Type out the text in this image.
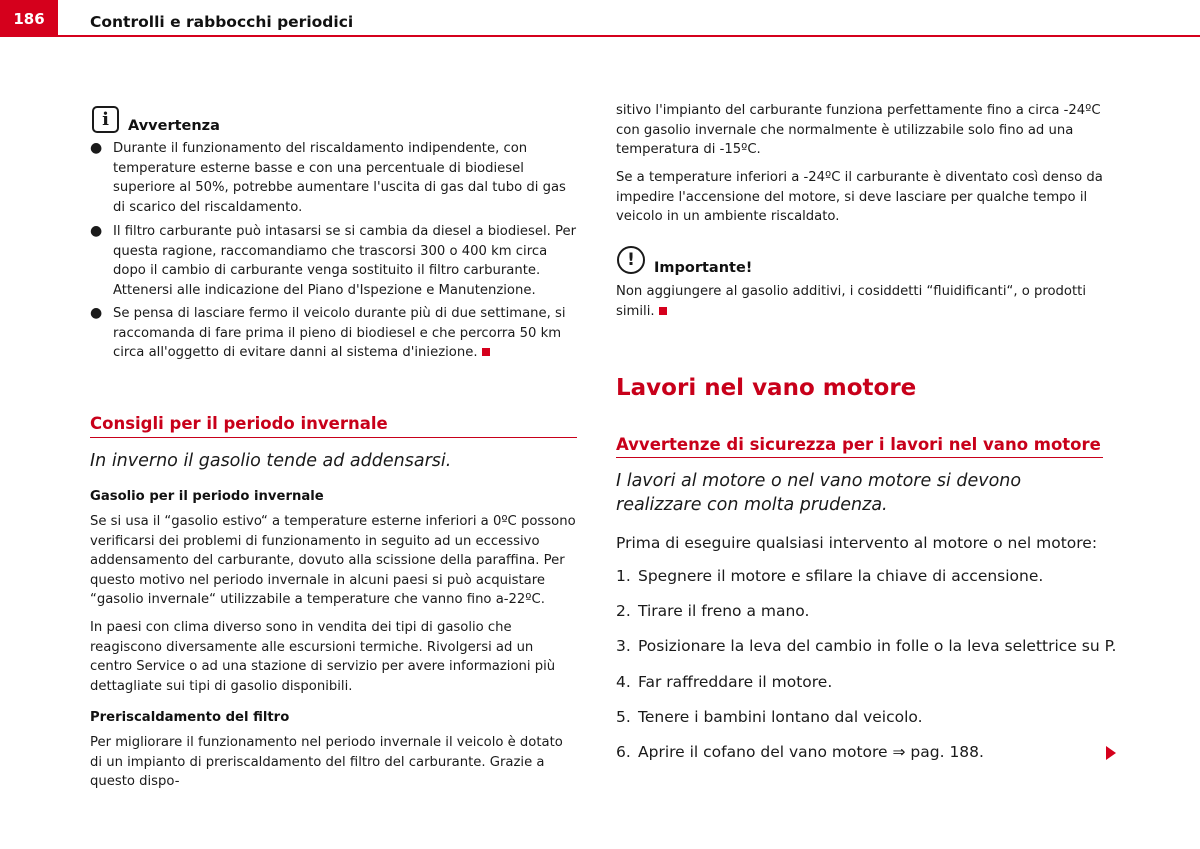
186	Controlli e rabbocchi periodici
i	Avvertenza
● Durante il funzionamento del riscaldamento indipendente, con temperature esterne basse e con una percentuale di biodiesel superiore al 50%, potrebbe aumentare l'uscita di gas dal tubo di gas di scarico del riscaldamento.
● Il filtro carburante può intasarsi se si cambia da diesel a biodiesel. Per questa ragione, raccomandiamo che trascorsi 300 o 400 km circa dopo il cambio di carburante venga sostituito il filtro carburante. Attenersi alle indicazione del Piano d'Ispezione e Manutenzione.
● Se pensa di lasciare fermo il veicolo durante più di due settimane, si raccomanda di fare prima il pieno di biodiesel e che percorra 50 km circa all'oggetto di evitare danni al sistema d'iniezione.
Consigli per il periodo invernale
In inverno il gasolio tende ad addensarsi.
Gasolio per il periodo invernale
Se si usa il “gasolio estivo“ a temperature esterne inferiori a 0ºC possono verificarsi dei problemi di funzionamento in seguito ad un eccessivo addensamento del carburante, dovuto alla scissione della paraffina. Per questo motivo nel periodo invernale in alcuni paesi si può acquistare “gasolio invernale“ utilizzabile a temperature che vanno fino a-22ºC.
In paesi con clima diverso sono in vendita dei tipi di gasolio che reagiscono diversamente alle escursioni termiche. Rivolgersi ad un centro Service o ad una stazione di servizio per avere informazioni più dettagliate sui tipi di gasolio disponibili.
Preriscaldamento del filtro
Per migliorare il funzionamento nel periodo invernale il veicolo è dotato di un impianto di preriscaldamento del filtro del carburante. Grazie a questo dispo-
sitivo l'impianto del carburante funziona perfettamente fino a circa -24ºC con gasolio invernale che normalmente è utilizzabile solo fino ad una temperatura di -15ºC.
Se a temperature inferiori a -24ºC il carburante è diventato così denso da impedire l'accensione del motore, si deve lasciare per qualche tempo il veicolo in un ambiente riscaldato.
!	Importante!
Non aggiungere al gasolio additivi, i cosiddetti “fluidificanti“, o prodotti simili.
Lavori nel vano motore
Avvertenze di sicurezza per i lavori nel vano motore
I lavori al motore o nel vano motore si devono realizzare con molta prudenza.
Prima di eseguire qualsiasi intervento al motore o nel motore:
1. Spegnere il motore e sfilare la chiave di accensione.
2. Tirare il freno a mano.
3. Posizionare la leva del cambio in folle o la leva selettrice su P.
4. Far raffreddare il motore.
5. Tenere i bambini lontano dal veicolo.
6. Aprire il cofano del vano motore ⇒ pag. 188.
